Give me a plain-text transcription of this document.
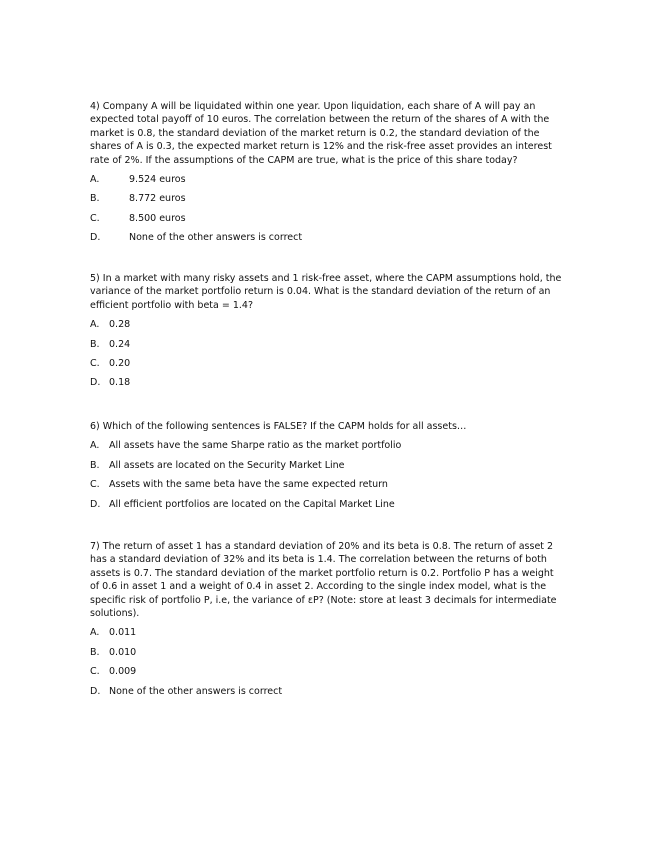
4) Company A will be liquidated within one year. Upon liquidation, each share of A will pay an expected total payoff of 10 euros. The correlation between the return of the shares of A with the market is 0.8, the standard deviation of the market return is 0.2, the standard deviation of the shares of A is 0.3, the expected market return is 12% and the risk-free asset provides an interest rate of 2%. If the assumptions of the CAPM are true, what is the price of this share today?

A.	9.524 euros
B.	8.772 euros
C.	8.500 euros
D.	None of the other answers is correct

5) In a market with many risky assets and 1 risk-free asset, where the CAPM assumptions hold, the variance of the market portfolio return is 0.04. What is the standard deviation of the return of an efficient portfolio with beta = 1.4?

A.	0.28
B. 0.24
C. 0.20
D. 0.18

6) Which of the following sentences is FALSE? If the CAPM holds for all assets…

A.	All assets have the same Sharpe ratio as the market portfolio
B. All assets are located on the Security Market Line
C. Assets with the same beta have the same expected return
D. All efficient portfolios are located on the Capital Market Line

7) The return of asset 1 has a standard deviation of 20% and its beta is 0.8. The return of asset 2 has a standard deviation of 32% and its beta is 1.4. The correlation between the returns of both assets is 0.7. The standard deviation of the market portfolio return is 0.2. Portfolio P has a weight of 0.6 in asset 1 and a weight of 0.4 in asset 2. According to the single index model, what is the specific risk of portfolio P, i.e, the variance of εP? (Note: store at least 3 decimals for intermediate solutions).

A.	0.011
B. 0.010
C. 0.009
D. None of the other answers is correct
